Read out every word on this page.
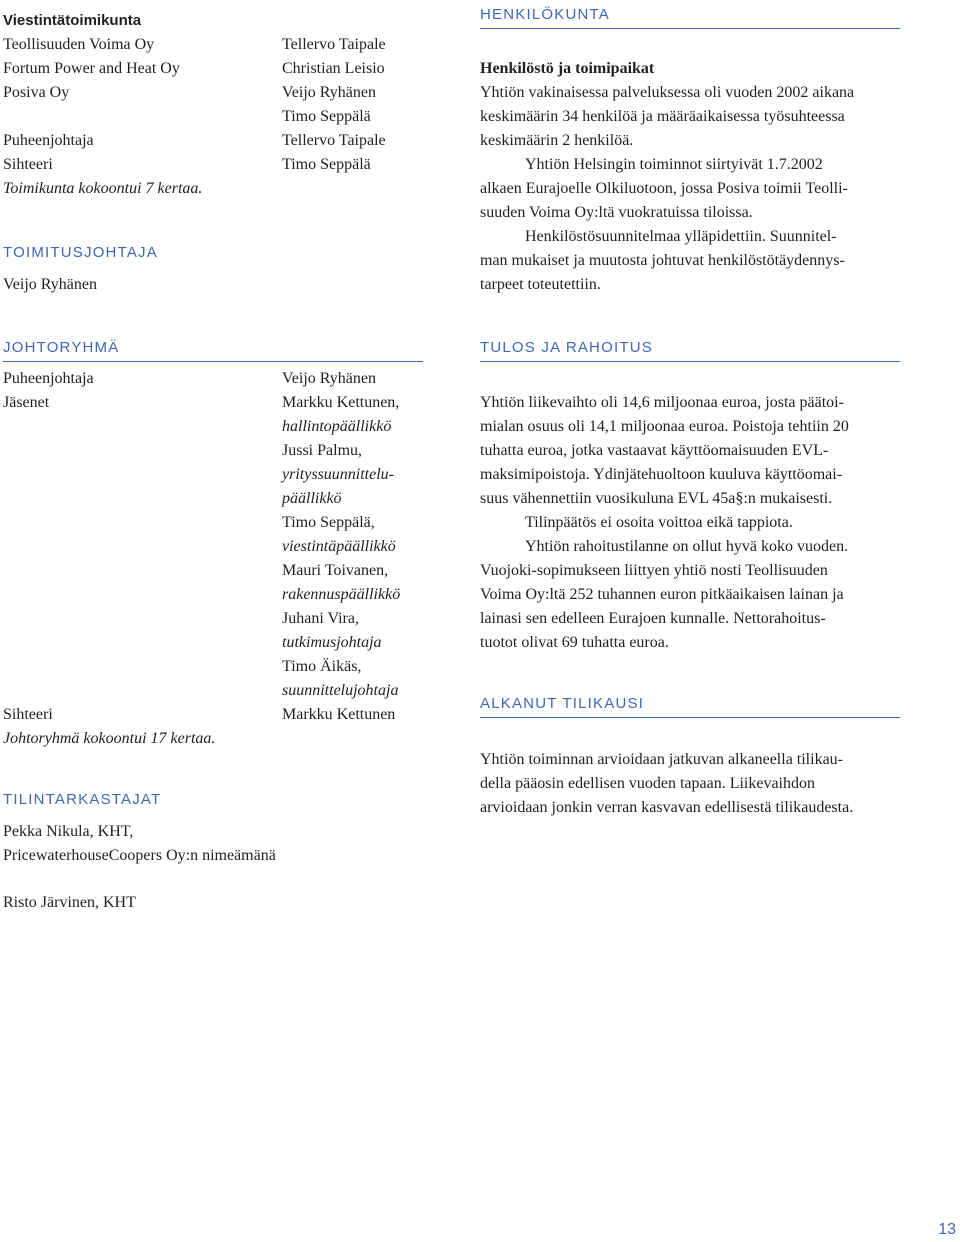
Viestintätoimikunta
Teollisuuden Voima Oy	Tellervo Taipale
Fortum Power and Heat Oy	Christian Leisio
Posiva Oy	Veijo Ryhänen
Timo Seppälä
Puheenjohtaja	Tellervo Taipale
Sihteeri	Timo Seppälä
Toimikunta kokoontui 7 kertaa.
TOIMITUSJOHTAJA
Veijo Ryhänen
HENKILÖKUNTA
Henkilöstö ja toimipaikat
Yhtiön vakinaisessa palveluksessa oli vuoden 2002 aikana
keskimäärin 34 henkilöä ja määräaikaisessa työsuhteessa
keskimäärin 2 henkilöä.
Yhtiön Helsingin toiminnot siirtyivät 1.7.2002
alkaen Eurajoelle Olkiluotoon, jossa Posiva toimii Teolli-
suuden Voima Oy:ltä vuokratuissa tiloissa.
Henkilöstösuunnitelmaa ylläpidettiin. Suunnitel-
man mukaiset ja muutosta johtuvat henkilöstötäydennys-
tarpeet toteutettiin.
JOHTORYHMÄ
Puheenjohtaja	Veijo Ryhänen
Jäsenet	Markku Kettunen,
hallintopäällikkö
Jussi Palmu,
yrityssuunnittelu-
päällikkö
Timo Seppälä,
viestintäpäällikkö
Mauri Toivanen,
rakennuspäällikkö
Juhani Vira,
tutkimusjohtaja
Timo Äikäs,
suunnittelujohtaja
Sihteeri	Markku Kettunen
Johtoryhmä kokoontui 17 kertaa.
TILINTARKASTAJAT
Pekka Nikula, KHT,
PricewaterhouseCoopers Oy:n nimeämänä
Risto Järvinen, KHT
TULOS JA RAHOITUS
Yhtiön liikevaihto oli 14,6 miljoonaa euroa, josta päätoi-
mialan osuus oli 14,1 miljoonaa euroa. Poistoja tehtiin 20
tuhatta euroa, jotka vastaavat käyttöomaisuuden EVL-
maksimipoistoja. Ydinjätehuoltoon kuuluva käyttöomai-
suus vähennettiin vuosikuluna EVL 45a§:n mukaisesti.
Tilinpäätös ei osoita voittoa eikä tappiota.
Yhtiön rahoitustilanne on ollut hyvä koko vuoden.
Vuojoki-sopimukseen liittyen yhtiö nosti Teollisuuden
Voima Oy:ltä 252 tuhannen euron pitkäaikaisen lainan ja
lainasi sen edelleen Eurajoen kunnalle. Nettorahoitus-
tuotot olivat 69 tuhatta euroa.
ALKANUT TILIKAUSI
Yhtiön toiminnan arvioidaan jatkuvan alkaneella tilikau-
della pääosin edellisen vuoden tapaan. Liikevaihdon
arvioidaan jonkin verran kasvavan edellisestä tilikaudesta.
13
